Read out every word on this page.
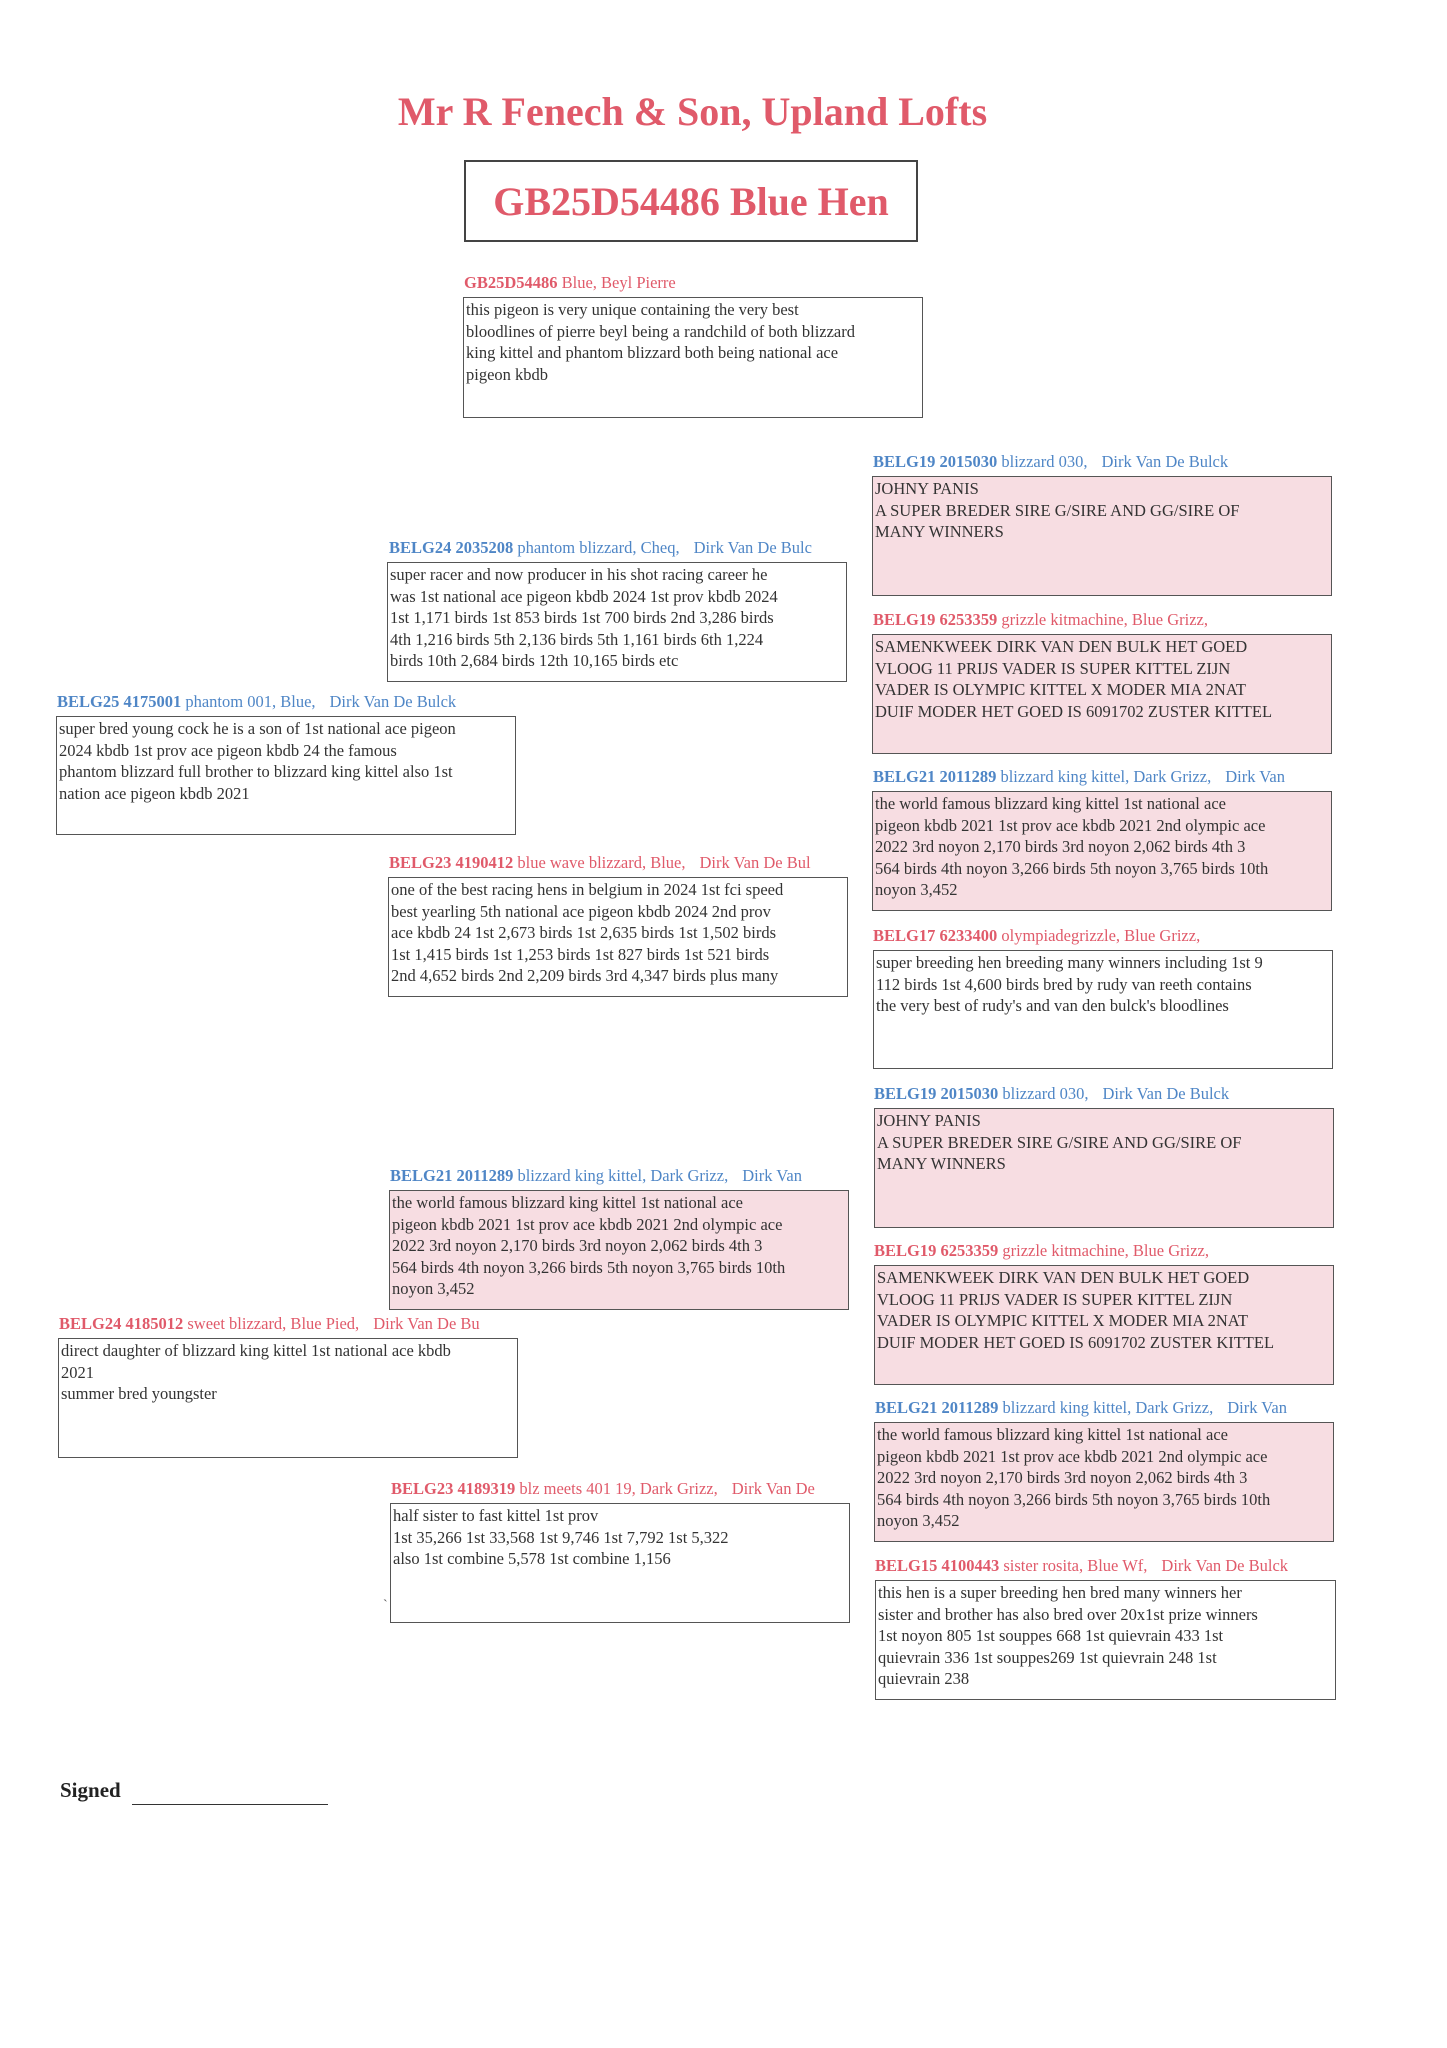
Mr R Fenech & Son, Upland Lofts
GB25D54486 Blue Hen
GB25D54486 Blue, Beyl Pierre
this pigeon is very unique containing the very best
bloodlines of pierre beyl being a randchild of both blizzard
king kittel and phantom blizzard both being national ace
pigeon kbdb
BELG25 4175001 phantom 001, Blue, Dirk Van De Bulck
super bred young cock he is a son of 1st national ace pigeon
2024 kbdb 1st prov ace pigeon kbdb 24 the famous
phantom blizzard full brother to blizzard king kittel also 1st
nation ace pigeon kbdb 2021
BELG24 4185012 sweet blizzard, Blue Pied, Dirk Van De Bu
direct daughter of blizzard king kittel 1st national ace kbdb
2021
summer bred youngster
BELG24 2035208 phantom blizzard, Cheq, Dirk Van De Bulc
super racer and now producer in his shot racing career he
was 1st national ace pigeon kbdb 2024 1st prov kbdb 2024
1st 1,171 birds 1st 853 birds 1st 700 birds 2nd 3,286 birds
4th 1,216 birds 5th 2,136 birds 5th 1,161 birds 6th 1,224
birds 10th 2,684 birds 12th 10,165 birds etc
BELG23 4190412 blue wave blizzard, Blue, Dirk Van De Bul
one of the best racing hens in belgium in 2024 1st fci speed
best yearling 5th national ace pigeon kbdb 2024 2nd prov
ace kbdb 24 1st 2,673 birds 1st 2,635 birds 1st 1,502 birds
1st 1,415 birds 1st 1,253 birds 1st 827 birds 1st 521 birds
2nd 4,652 birds 2nd 2,209 birds 3rd 4,347 birds plus many
BELG21 2011289 blizzard king kittel, Dark Grizz, Dirk Van
the world famous blizzard king kittel 1st national ace
pigeon kbdb 2021 1st prov ace kbdb 2021 2nd olympic ace
2022 3rd noyon 2,170 birds 3rd noyon 2,062 birds 4th 3
564 birds 4th noyon 3,266 birds 5th noyon 3,765 birds 10th
noyon 3,452
BELG23 4189319 blz meets 401 19, Dark Grizz, Dirk Van De
half sister to fast kittel 1st prov
1st 35,266 1st 33,568 1st 9,746 1st 7,792 1st 5,322
also 1st combine 5,578 1st combine 1,156
`
BELG19 2015030 blizzard 030, Dirk Van De Bulck
JOHNY PANIS
A SUPER BREDER SIRE G/SIRE AND GG/SIRE OF
MANY WINNERS
BELG19 6253359 grizzle kitmachine, Blue Grizz,
SAMENKWEEK DIRK VAN DEN BULK HET GOED
VLOOG 11 PRIJS VADER IS SUPER KITTEL ZIJN
VADER IS OLYMPIC KITTEL X MODER MIA 2NAT
DUIF MODER HET GOED IS 6091702 ZUSTER KITTEL
BELG21 2011289 blizzard king kittel, Dark Grizz, Dirk Van
the world famous blizzard king kittel 1st national ace
pigeon kbdb 2021 1st prov ace kbdb 2021 2nd olympic ace
2022 3rd noyon 2,170 birds 3rd noyon 2,062 birds 4th 3
564 birds 4th noyon 3,266 birds 5th noyon 3,765 birds 10th
noyon 3,452
BELG17 6233400 olympiadegrizzle, Blue Grizz,
super breeding hen breeding many winners including 1st 9
112 birds 1st 4,600 birds bred by rudy van reeth contains
the very best of rudy's and van den bulck's bloodlines
BELG19 2015030 blizzard 030, Dirk Van De Bulck
JOHNY PANIS
A SUPER BREDER SIRE G/SIRE AND GG/SIRE OF
MANY WINNERS
BELG19 6253359 grizzle kitmachine, Blue Grizz,
SAMENKWEEK DIRK VAN DEN BULK HET GOED
VLOOG 11 PRIJS VADER IS SUPER KITTEL ZIJN
VADER IS OLYMPIC KITTEL X MODER MIA 2NAT
DUIF MODER HET GOED IS 6091702 ZUSTER KITTEL
BELG21 2011289 blizzard king kittel, Dark Grizz, Dirk Van
the world famous blizzard king kittel 1st national ace
pigeon kbdb 2021 1st prov ace kbdb 2021 2nd olympic ace
2022 3rd noyon 2,170 birds 3rd noyon 2,062 birds 4th 3
564 birds 4th noyon 3,266 birds 5th noyon 3,765 birds 10th
noyon 3,452
BELG15 4100443 sister rosita, Blue Wf, Dirk Van De Bulck
this hen is a super breeding hen bred many winners her
sister and brother has also bred over 20x1st prize winners
1st noyon 805 1st souppes 668 1st quievrain 433 1st
quievrain 336 1st souppes269 1st quievrain 248 1st
quievrain 238
Signed
